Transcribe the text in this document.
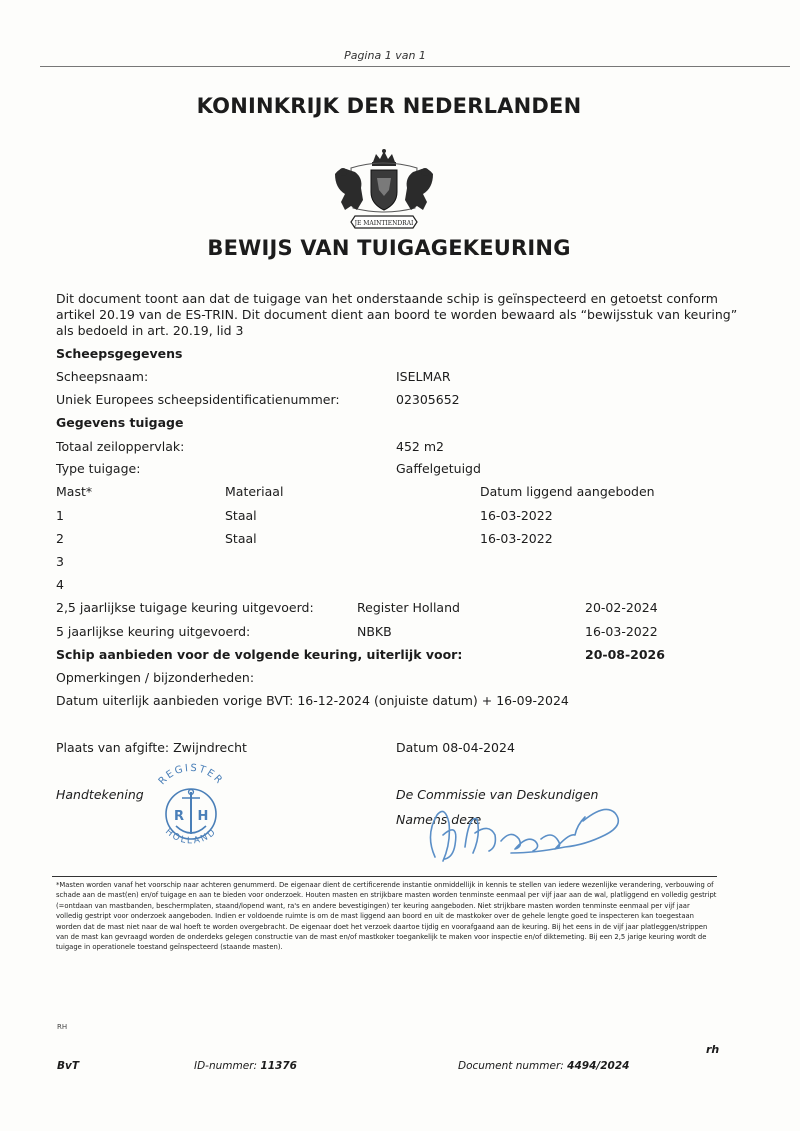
Pagina 1 van 1
KONINKRIJK DER NEDERLANDEN
JE MAINTIENDRAI
BEWIJS VAN TUIGAGEKEURING
Dit document toont aan dat de tuigage van het onderstaande schip is geïnspecteerd en getoetst conform artikel 20.19 van de ES-TRIN. Dit document dient aan boord te worden bewaard als “bewijsstuk van keuring” als bedoeld in art. 20.19, lid 3
Scheepsgegevens
Scheepsnaam:	ISELMAR
Uniek Europees scheepsidentificatienummer:	02305652
Gegevens tuigage
Totaal zeiloppervlak:	452 m2
Type tuigage:	Gaffelgetuigd
Mast*	Materiaal	Datum liggend aangeboden
1	Staal	16-03-2022
2	Staal	16-03-2022
3
4
2,5 jaarlijkse tuigage keuring uitgevoerd:	Register Holland	20-02-2024
5 jaarlijkse keuring uitgevoerd:	NBKB	16-03-2022
Schip aanbieden voor de volgende keuring, uiterlijk voor:	20-08-2026
Opmerkingen / bijzonderheden:
Datum uiterlijk aanbieden vorige BVT: 16-12-2024 (onjuiste datum) + 16-09-2024
Plaats van afgifte: Zwijndrecht	Datum 08-04-2024
Handtekening	De Commissie van Deskundigen
Namens deze
REGISTER
HOLLAND
R H
*Masten worden vanaf het voorschip naar achteren genummerd. De eigenaar dient de certificerende instantie onmiddellijk in kennis te stellen van iedere wezenlijke verandering, verbouwing of schade aan de mast(en) en/of tuigage en aan te bieden voor onderzoek. Houten masten en strijkbare masten worden tenminste eenmaal per vijf jaar aan de wal, platliggend en volledig gestript (=ontdaan van mastbanden, beschermplaten, staand/lopend want, ra's en andere bevestigingen) ter keuring aangeboden. Niet strijkbare masten worden tenminste eenmaal per vijf jaar volledig gestript voor onderzoek aangeboden. Indien er voldoende ruimte is om de mast liggend aan boord en uit de mastkoker over de gehele lengte goed te inspecteren kan toegestaan worden dat de mast niet naar de wal hoeft te worden overgebracht. De eigenaar doet het verzoek daartoe tijdig en voorafgaand aan de keuring. Bij het eens in de vijf jaar platleggen/strippen van de mast kan gevraagd worden de onderdeks gelegen constructie van de mast en/of mastkoker toegankelijk te maken voor inspectie en/of diktemeting. Bij een 2,5 jarige keuring wordt de tuigage in operationele toestand geïnspecteerd (staande masten).
RH
rh
BvT	ID-nummer: 11376	Document nummer: 4494/2024
